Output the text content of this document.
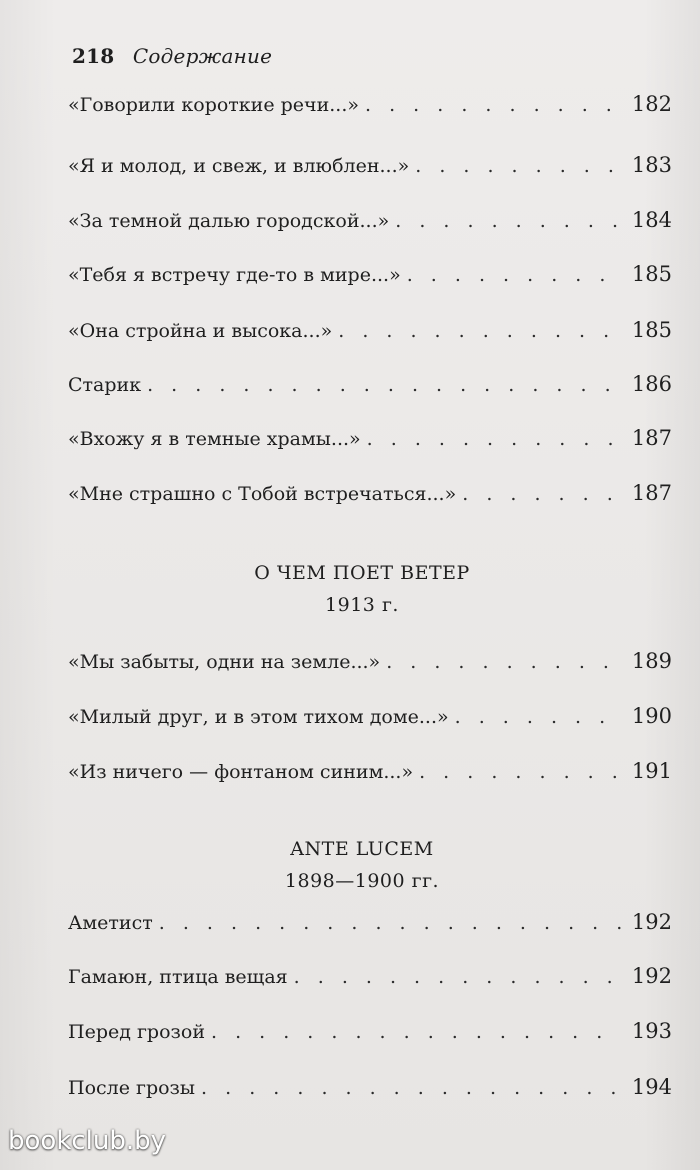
218 Содержание
«Говорили короткие речи...» . . .	182
«Я и молод, и свеж, и влюблен...» . . .	183
«За темной далью городской...» . . .	184
«Тебя я встречу где-то в мире...» . . .	185
«Она стройна и высока...» . . .	185
Старик . . .	186
«Вхожу я в темные храмы...» . . .	187
«Мне страшно с Тобой встречаться...» . . .	187
О ЧЕМ ПОЕТ ВЕТЕР
1913 г.
«Мы забыты, одни на земле...» . . .	189
«Милый друг, и в этом тихом доме...» . . .	190
«Из ничего — фонтаном синим...» . . .	191
ANTE LUCEM
1898—1900 гг.
Аметист . . .	192
Гамаюн, птица вещая . . .	192
Перед грозой . . .	193
После грозы . . .	194
bookclub.by
